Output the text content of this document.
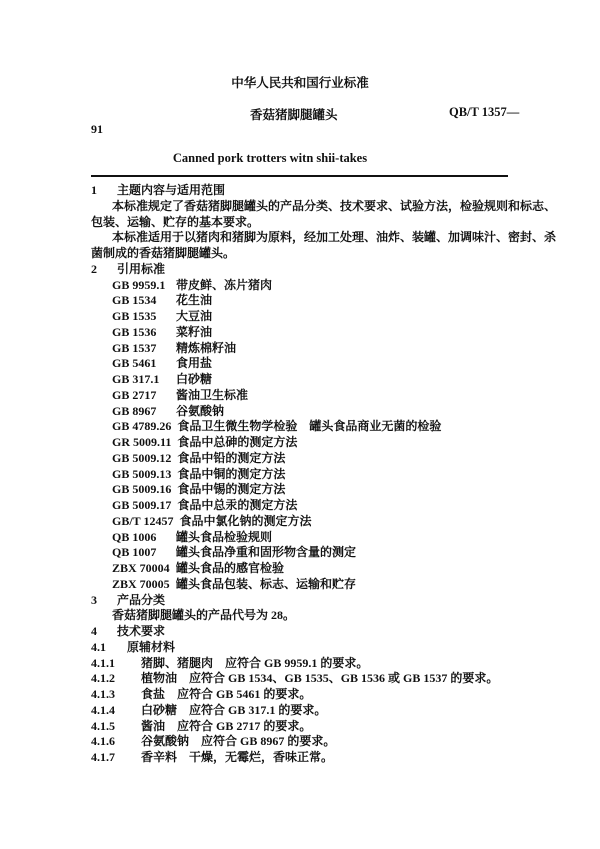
中华人民共和国行业标准
香菇猪脚腿罐头	QB/T 1357—
91
Canned pork trotters witn shii-takes
1　 主题内容与适用范围
本标准规定了香菇猪脚腿罐头的产品分类、技术要求、试验方法，检验规则和标志、
包装、运输、贮存的基本要求。
本标准适用于以猪肉和猪脚为原料，经加工处理、油炸、装罐、加调味汁、密封、杀
菌制成的香菇猪脚腿罐头。
2　 引用标准
GB 9959.1 带皮鲜、冻片猪肉
GB 1534 花生油
GB 1535 大豆油
GB 1536 菜籽油
GB 1537 精炼棉籽油
GB 5461 食用盐
GB 317.1 白砂糖
GB 2717 酱油卫生标准
GB 8967 谷氨酸钠
GB 4789.26 食品卫生微生物学检验　罐头食品商业无菌的检验
GR 5009.11 食品中总砷的测定方法
GB 5009.12 食品中铅的测定方法
GB 5009.13 食品中铜的测定方法
GB 5009.16 食品中锡的测定方法
GB 5009.17 食品中总汞的测定方法
GB/T 12457 食品中氯化钠的测定方法
QB 1006 罐头食品检验规则
QB 1007 罐头食品净重和固形物含量的测定
ZBX 70004 罐头食品的感官检验
ZBX 70005 罐头食品包装、标志、运输和贮存
3　 产品分类
香菇猪脚腿罐头的产品代号为 28。
4　 技术要求
4.1　 原辅材料
4.1.1　 猪脚、猪腿肉　应符合 GB 9959.1 的要求。
4.1.2　 植物油　应符合 GB 1534、GB 1535、GB 1536 或 GB 1537 的要求。
4.1.3　 食盐　应符合 GB 5461 的要求。
4.1.4　 白砂糖　应符合 GB 317.1 的要求。
4.1.5　 酱油　应符合 GB 2717 的要求。
4.1.6　 谷氨酸钠　应符合 GB 8967 的要求。
4.1.7　 香辛料　干燥，无霉烂，香味正常。
